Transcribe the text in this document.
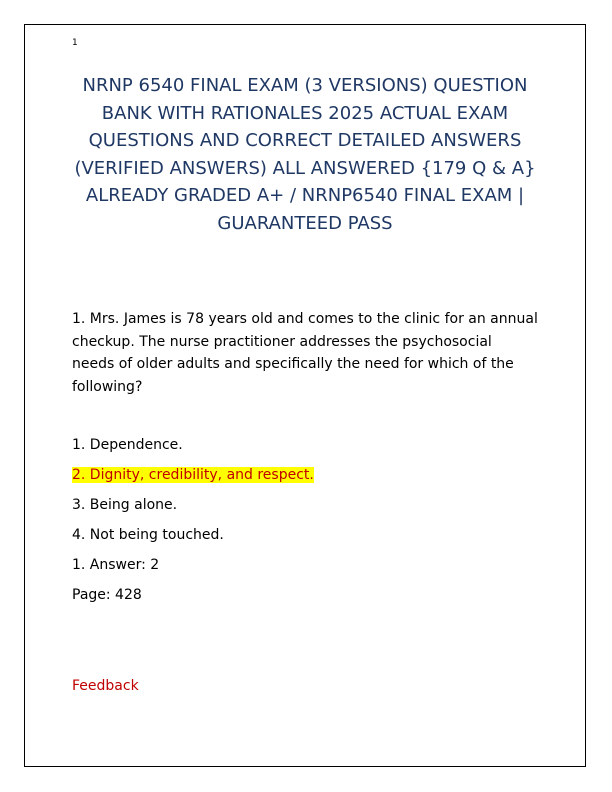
1
NRNP 6540 FINAL EXAM (3 VERSIONS) QUESTION BANK WITH RATIONALES 2025 ACTUAL EXAM QUESTIONS AND CORRECT DETAILED ANSWERS (VERIFIED ANSWERS) ALL ANSWERED {179 Q & A} ALREADY GRADED A+ / NRNP6540 FINAL EXAM | GUARANTEED PASS

1. Mrs. James is 78 years old and comes to the clinic for an annual checkup. The nurse practitioner addresses the psychosocial needs of older adults and specifically the need for which of the following?

1. Dependence.
2. Dignity, credibility, and respect.
3. Being alone.
4. Not being touched.
1. Answer: 2
Page: 428
Feedback
